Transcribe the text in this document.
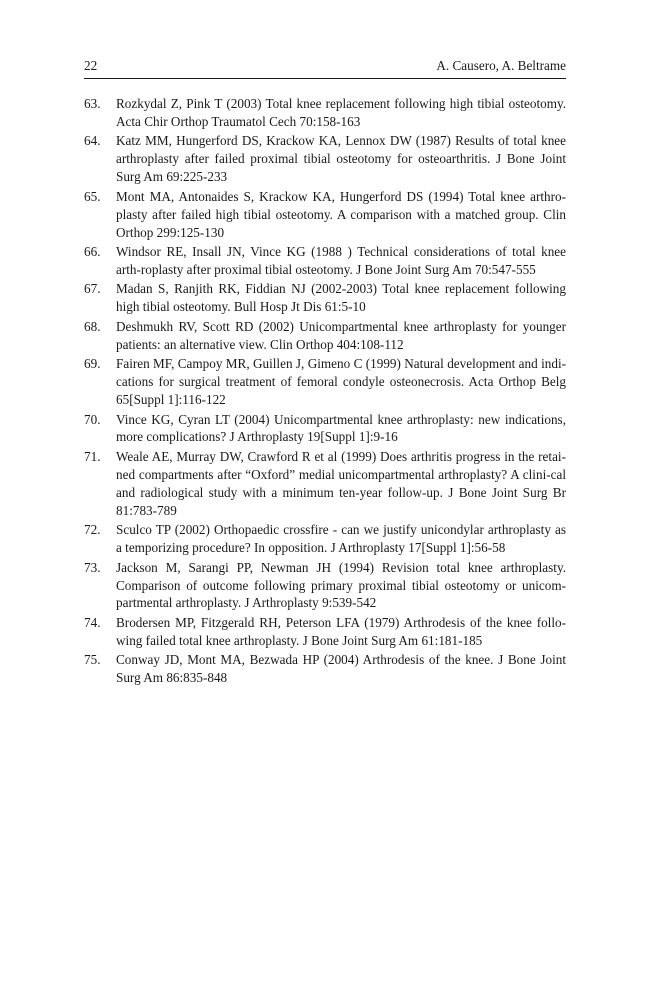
22	A. Causero, A. Beltrame
63. Rozkydal Z, Pink T (2003) Total knee replacement following high tibial osteotomy. Acta Chir Orthop Traumatol Cech 70:158-163
64. Katz MM, Hungerford DS, Krackow KA, Lennox DW (1987) Results of total knee arthroplasty after failed proximal tibial osteotomy for osteoarthritis. J Bone Joint Surg Am 69:225-233
65. Mont MA, Antonaides S, Krackow KA, Hungerford DS (1994) Total knee arthro-plasty after failed high tibial osteotomy. A comparison with a matched group. Clin Orthop 299:125-130
66. Windsor RE, Insall JN, Vince KG (1988 ) Technical considerations of total knee arth-roplasty after proximal tibial osteotomy. J Bone Joint Surg Am 70:547-555
67. Madan S, Ranjith RK, Fiddian NJ (2002-2003) Total knee replacement following high tibial osteotomy. Bull Hosp Jt Dis 61:5-10
68. Deshmukh RV, Scott RD (2002) Unicompartmental knee arthroplasty for younger patients: an alternative view. Clin Orthop 404:108-112
69. Fairen MF, Campoy MR, Guillen J, Gimeno C (1999) Natural development and indi-cations for surgical treatment of femoral condyle osteonecrosis. Acta Orthop Belg 65[Suppl 1]:116-122
70. Vince KG, Cyran LT (2004) Unicompartmental knee arthroplasty: new indications, more complications? J Arthroplasty 19[Suppl 1]:9-16
71. Weale AE, Murray DW, Crawford R et al (1999) Does arthritis progress in the retai-ned compartments after “Oxford” medial unicompartmental arthroplasty? A clini-cal and radiological study with a minimum ten-year follow-up. J Bone Joint Surg Br 81:783-789
72. Sculco TP (2002) Orthopaedic crossfire - can we justify unicondylar arthroplasty as a temporizing procedure? In opposition. J Arthroplasty 17[Suppl 1]:56-58
73. Jackson M, Sarangi PP, Newman JH (1994) Revision total knee arthroplasty. Comparison of outcome following primary proximal tibial osteotomy or unicom-partmental arthroplasty. J Arthroplasty 9:539-542
74. Brodersen MP, Fitzgerald RH, Peterson LFA (1979) Arthrodesis of the knee follo-wing failed total knee arthroplasty. J Bone Joint Surg Am 61:181-185
75. Conway JD, Mont MA, Bezwada HP (2004) Arthrodesis of the knee. J Bone Joint Surg Am 86:835-848
